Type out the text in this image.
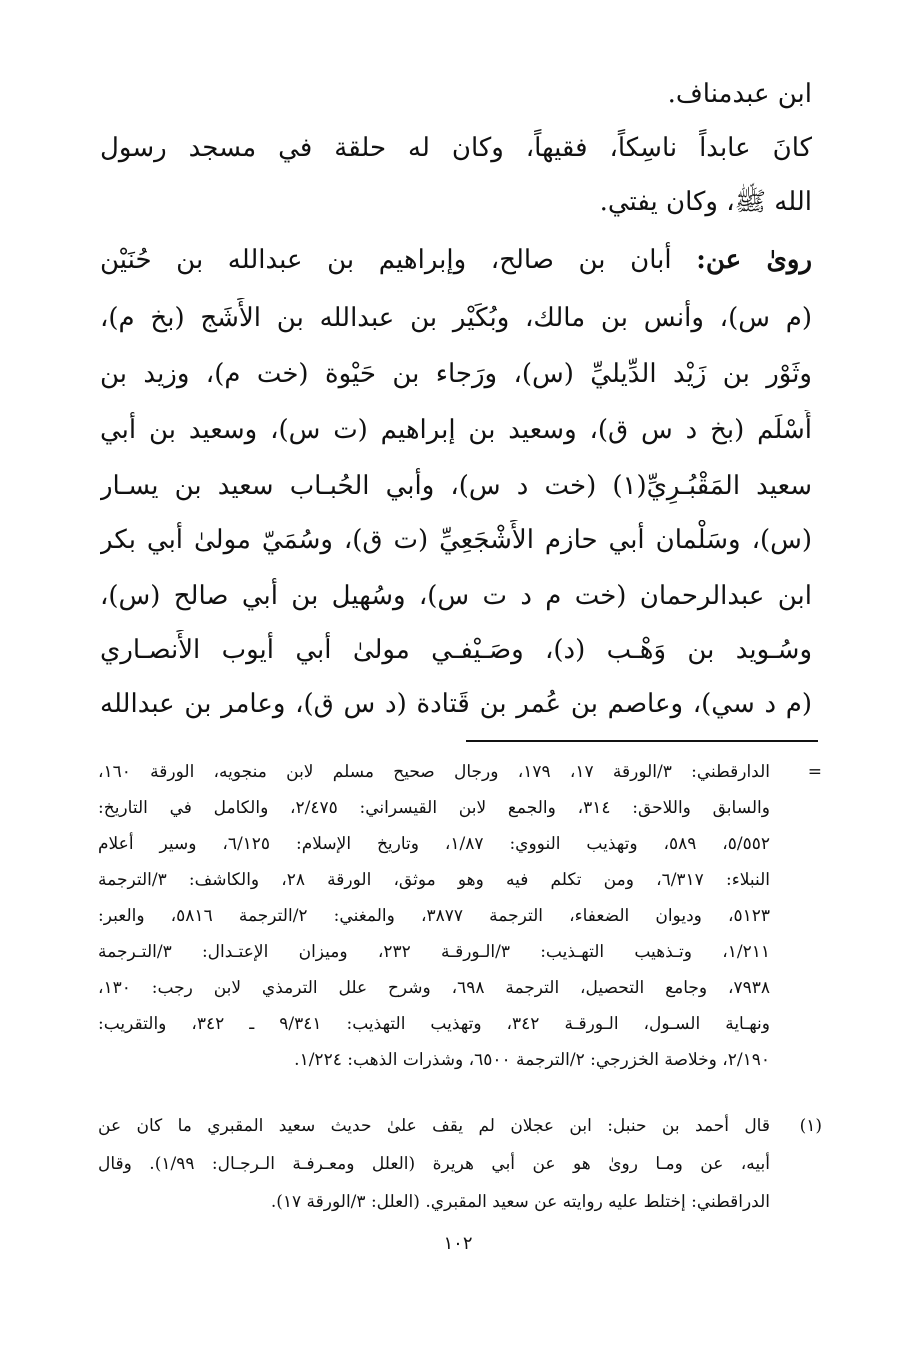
ابن عبدمناف.
كانَ عابداً ناسِكاً، فقيهاً، وكان له حلقة في مسجد رسول
الله ﷺ، وكان يفتي.
روىٰ عن: أبان بن صالح، وإبراهيم بن عبدالله بن حُنَيْن
(م س)، وأنس بن مالك، وبُكَيْر بن عبدالله بن الأَشَج (بخ م)،
وثَوْر بن زَيْد الدِّيليِّ (س)، ورَجاء بن حَيْوة (خت م)، وزيد بن
أَسْلَم (بخ د س ق)، وسعيد بن إبراهيم (ت س)، وسعيد بن أبي
سعيد المَقْبُـرِيِّ(١) (خت د س)، وأبي الحُبـاب سعيد بن يسـار
(س)، وسَلْمان أبي حازم الأَشْجَعِيِّ (ت ق)، وسُمَيّ مولىٰ أبي بكر
ابن عبدالرحمان (خت م د ت س)، وسُهيل بن أبي صالح (س)،
وسُـويد بن وَهْـب (د)، وصَـيْفـي مولىٰ أبي أيوب الأَنصـاري
(م د سي)، وعاصم بن عُمر بن قَتادة (د س ق)، وعامر بن عبدالله
=
الدارقطني: ٣/الورقة ١٧، ١٧٩، ورجال صحيح مسلم لابن منجويه، الورقة ١٦٠،
والسابق واللاحق: ٣١٤، والجمع لابن القيسراني: ٢/٤٧٥، والكامل في التاريخ:
٥/٥٥٢، ٥٨٩، وتهذيب النووي: ١/٨٧، وتاريخ الإسلام: ٦/١٢٥، وسير أعلام
النبلاء: ٦/٣١٧، ومن تكلم فيه وهو موثق، الورقة ٢٨، والكاشف: ٣/الترجمة
٥١٢٣، وديوان الضعفاء، الترجمة ٣٨٧٧، والمغني: ٢/الترجمة ٥٨١٦، والعبر:
١/٢١١، وتـذهيب التهـذيب: ٣/الـورقـة ٢٣٢، وميزان الإعتـدال: ٣/التـرجمة
٧٩٣٨، وجامع التحصيل، الترجمة ٦٩٨، وشرح علل الترمذي لابن رجب: ١٣٠،
ونهـاية السـول، الـورقـة ٣٤٢، وتهذيب التهذيب: ٩/٣٤١ ـ ٣٤٢، والتقريب:
٢/١٩٠، وخلاصة الخزرجي: ٢/الترجمة ٦٥٠٠، وشذرات الذهب: ١/٢٢٤.
(١)
قال أحمد بن حنبل: ابن عجلان لم يقف علىٰ حديث سعيد المقبري ما كان عن
أبيه، عن ومـا روىٰ هو عن أبي هريرة (العلل ومعـرفـة الـرجـال: ١/٩٩). وقال
الدراقطني: إختلط عليه روايته عن سعيد المقبري. (العلل: ٣/الورقة ١٧).
١٠٢
